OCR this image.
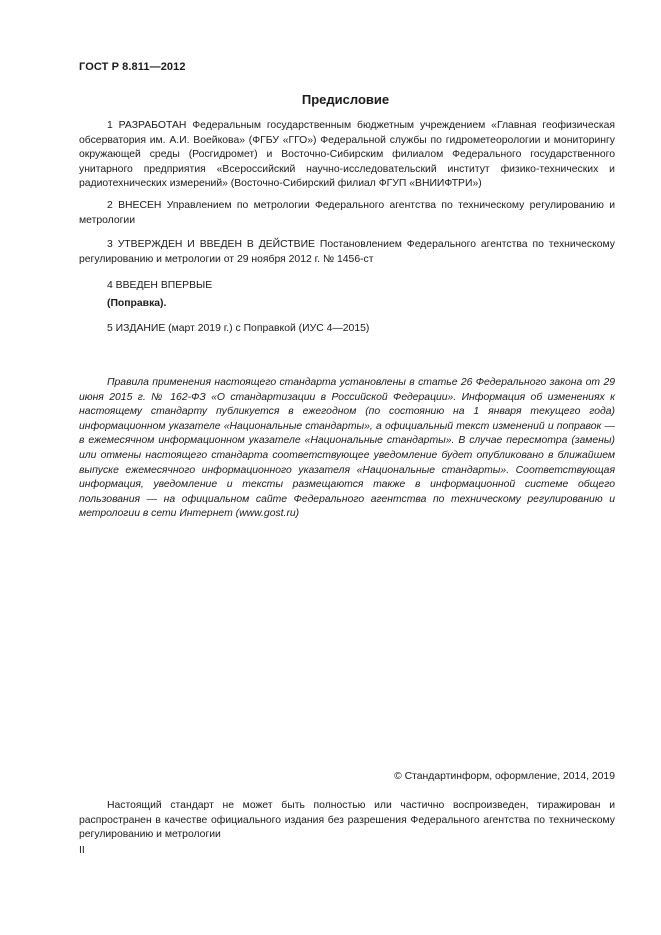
ГОСТ Р 8.811—2012
Предисловие
1 РАЗРАБОТАН Федеральным государственным бюджетным учреждением «Главная геофизическая обсерватория им. А.И. Воейкова» (ФГБУ «ГГО») Федеральной службы по гидрометеорологии и мониторингу окружающей среды (Росгидромет) и Восточно-Сибирским филиалом Федерального государственного унитарного предприятия «Всероссийский научно-исследовательский институт физико-технических и радиотехнических измерений» (Восточно-Сибирский филиал ФГУП «ВНИИФТРИ»)
2 ВНЕСЕН Управлением по метрологии Федерального агентства по техническому регулированию и метрологии
3 УТВЕРЖДЕН И ВВЕДЕН В ДЕЙСТВИЕ Постановлением Федерального агентства по техническому регулированию и метрологии от 29 ноября 2012 г. № 1456-ст
4 ВВЕДЕН ВПЕРВЫЕ
(Поправка).
5 ИЗДАНИЕ (март 2019 г.) с Поправкой (ИУС 4—2015)
Правила применения настоящего стандарта установлены в статье 26 Федерального закона от 29 июня 2015 г. № 162-ФЗ «О стандартизации в Российской Федерации». Информация об изменениях к настоящему стандарту публикуется в ежегодном (по состоянию на 1 января текущего года) информационном указателе «Национальные стандарты», а официальный текст изменений и поправок — в ежемесячном информационном указателе «Национальные стандарты». В случае пересмотра (замены) или отмены настоящего стандарта соответствующее уведомление будет опубликовано в ближайшем выпуске ежемесячного информационного указателя «Национальные стандарты». Соответствующая информация, уведомление и тексты размещаются также в информационной системе общего пользования — на официальном сайте Федерального агентства по техническому регулированию и метрологии в сети Интернет (www.gost.ru)
© Стандартинформ, оформление, 2014, 2019
Настоящий стандарт не может быть полностью или частично воспроизведен, тиражирован и распространен в качестве официального издания без разрешения Федерального агентства по техническому регулированию и метрологии
II
